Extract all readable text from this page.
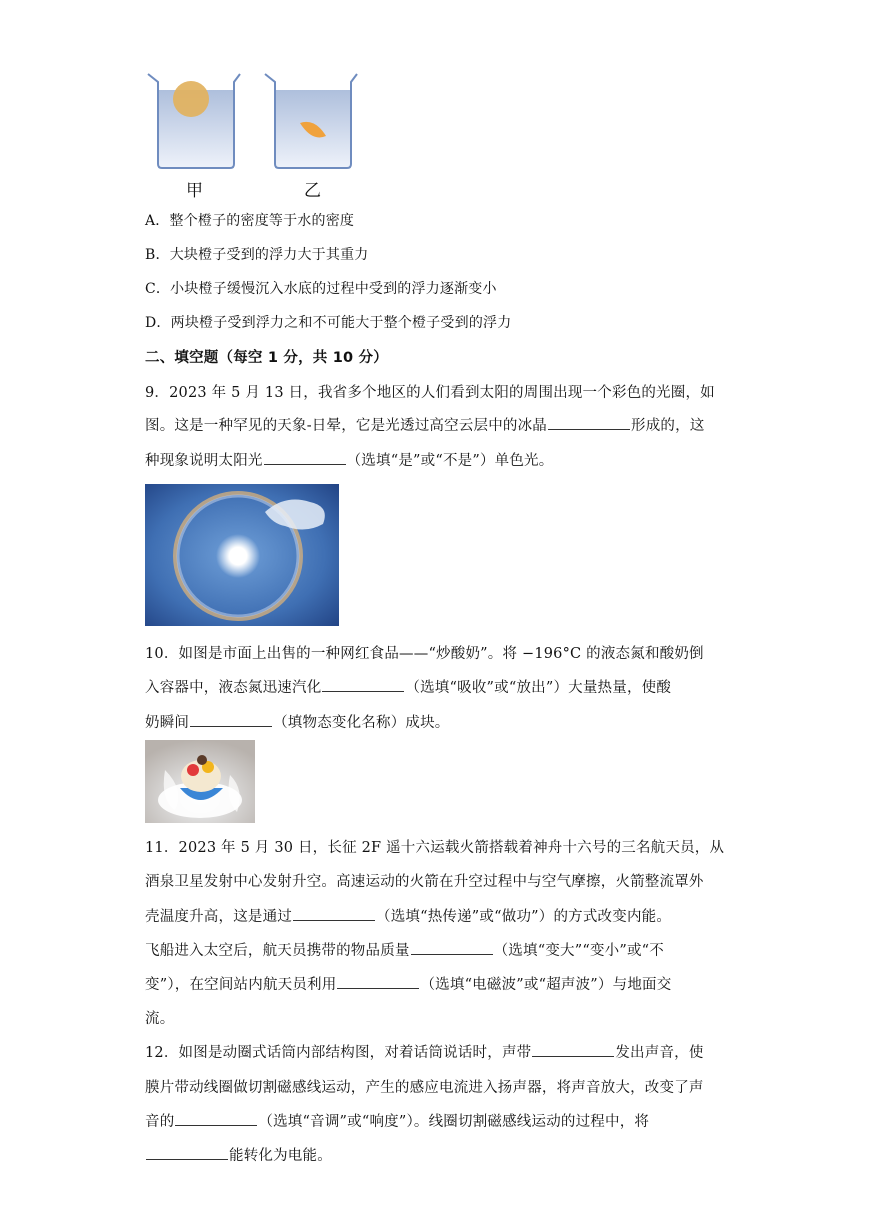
甲	乙
A．整个橙子的密度等于水的密度
B．大块橙子受到的浮力大于其重力
C．小块橙子缓慢沉入水底的过程中受到的浮力逐渐变小
D．两块橙子受到浮力之和不可能大于整个橙子受到的浮力
二、填空题（每空 1 分，共 10 分）
9．2023 年 5 月 13 日，我省多个地区的人们看到太阳的周围出现一个彩色的光圈，如
图。这是一种罕见的天象-日晕，它是光透过高空云层中的冰晶	形成的，这
种现象说明太阳光	（选填“是”或“不是”）单色光。
10．如图是市面上出售的一种网红食品——“炒酸奶”。将 −196°C 的液态氮和酸奶倒
入容器中，液态氮迅速汽化	（选填“吸收”或“放出”）大量热量，使酸
奶瞬间	（填物态变化名称）成块。
11．2023 年 5 月 30 日，长征 2F 遥十六运载火箭搭载着神舟十六号的三名航天员，从
酒泉卫星发射中心发射升空。高速运动的火箭在升空过程中与空气摩擦，火箭整流罩外
壳温度升高，这是通过	（选填“热传递”或“做功”）的方式改变内能。
飞船进入太空后，航天员携带的物品质量	（选填“变大”“变小”或“不
变”），在空间站内航天员利用	（选填“电磁波”或“超声波”）与地面交
流。
12．如图是动圈式话筒内部结构图，对着话筒说话时，声带	发出声音，使
膜片带动线圈做切割磁感线运动，产生的感应电流进入扬声器，将声音放大，改变了声
音的	（选填“音调”或“响度”）。线圈切割磁感线运动的过程中，将
能转化为电能。
